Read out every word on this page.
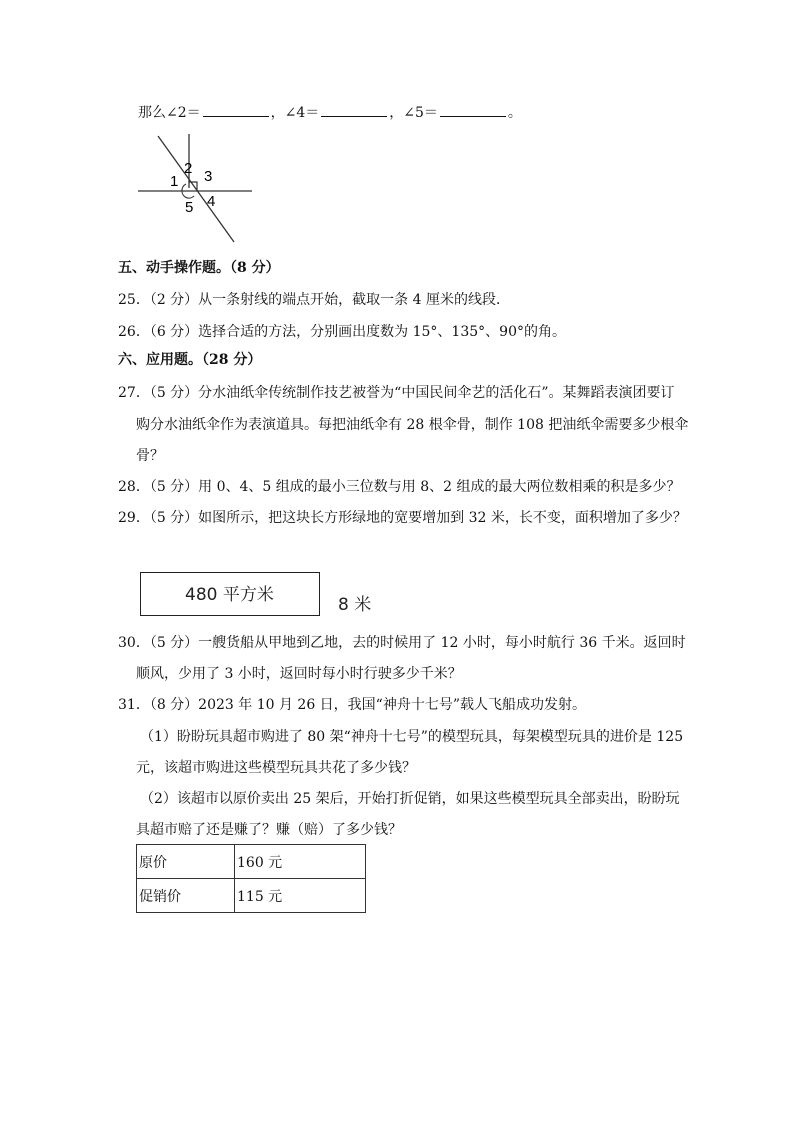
那么∠2＝	，∠4＝	，∠5＝	。
1
2 3
4
5
五、动手操作题。（8 分）
25．（2 分）从一条射线的端点开始，截取一条 4 厘米的线段．
26．（6 分）选择合适的方法，分别画出度数为 15°、135°、90°的角。
六、应用题。（28 分）
27．（5 分）分水油纸伞传统制作技艺被誉为“中国民间伞艺的活化石”。某舞蹈表演团要订
购分水油纸伞作为表演道具。每把油纸伞有 28 根伞骨，制作 108 把油纸伞需要多少根伞
骨？
28．（5 分）用 0、4、5 组成的最小三位数与用 8、2 组成的最大两位数相乘的积是多少？
29．（5 分）如图所示，把这块长方形绿地的宽要增加到 32 米，长不变，面积增加了多少？
480 平方米	8 米
30．（5 分）一艘货船从甲地到乙地，去的时候用了 12 小时，每小时航行 36 千米。返回时
顺风，少用了 3 小时，返回时每小时行驶多少千米？
31．（8 分）2023 年 10 月 26 日，我国“神舟十七号”载人飞船成功发射。
（1）盼盼玩具超市购进了 80 架“神舟十七号”的模型玩具，每架模型玩具的进价是 125
元，该超市购进这些模型玩具共花了多少钱？
（2）该超市以原价卖出 25 架后，开始打折促销，如果这些模型玩具全部卖出，盼盼玩
具超市赔了还是赚了？赚（赔）了多少钱？
原价	160 元
促销价	115 元
